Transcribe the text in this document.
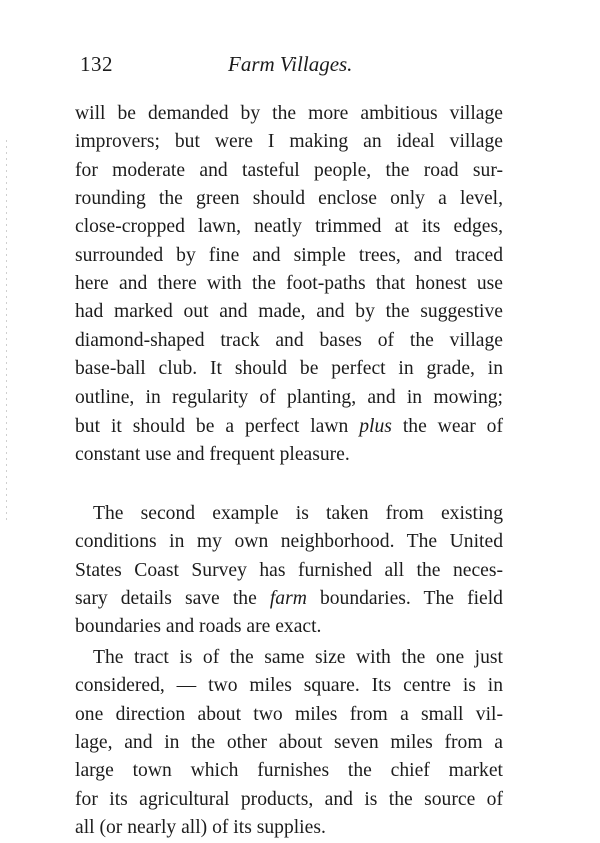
132	Farm Villages.
will be demanded by the more ambitious village
improvers; but were I making an ideal village
for moderate and tasteful people, the road sur-
rounding the green should enclose only a level,
close-cropped lawn, neatly trimmed at its edges,
surrounded by fine and simple trees, and traced
here and there with the foot-paths that honest use
had marked out and made, and by the suggestive
diamond-shaped track and bases of the village
base-ball club. It should be perfect in grade, in
outline, in regularity of planting, and in mowing;
but it should be a perfect lawn plus the wear of
constant use and frequent pleasure.
The second example is taken from existing
conditions in my own neighborhood. The United
States Coast Survey has furnished all the neces-
sary details save the farm boundaries. The field
boundaries and roads are exact.
The tract is of the same size with the one just
considered, — two miles square. Its centre is in
one direction about two miles from a small vil-
lage, and in the other about seven miles from a
large town which furnishes the chief market
for its agricultural products, and is the source of
all (or nearly all) of its supplies.
